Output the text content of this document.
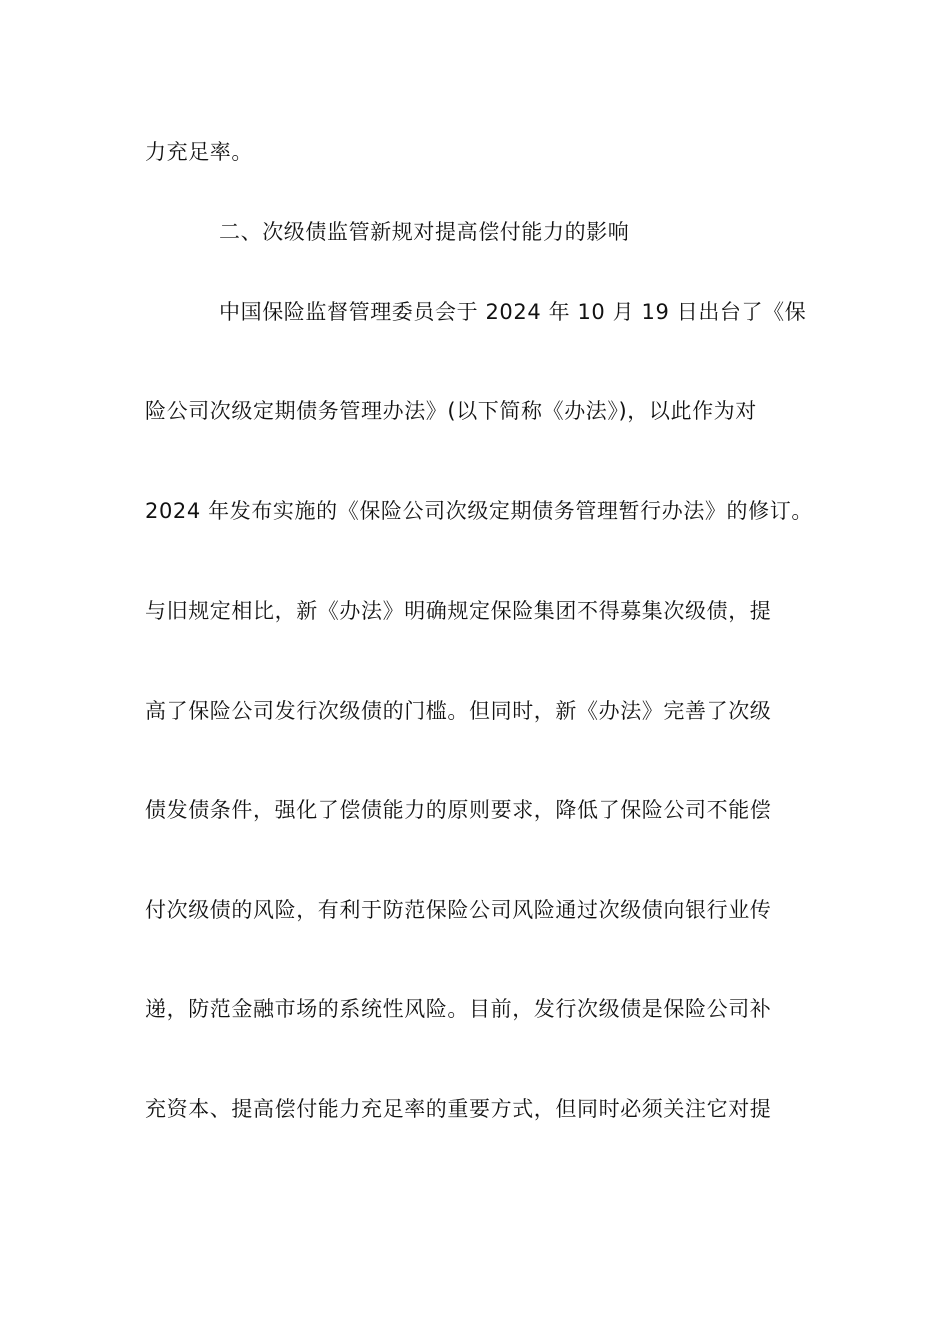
力充足率。
二、次级债监管新规对提高偿付能力的影响
中国保险监督管理委员会于 2024 年 10 月 19 日出台了《保
险公司次级定期债务管理办法》(以下简称《办法》)，以此作为对
2024 年发布实施的《保险公司次级定期债务管理暂行办法》的修订。
与旧规定相比，新《办法》明确规定保险集团不得募集次级债，提
高了保险公司发行次级债的门槛。但同时，新《办法》完善了次级
债发债条件，强化了偿债能力的原则要求，降低了保险公司不能偿
付次级债的风险，有利于防范保险公司风险通过次级债向银行业传
递，防范金融市场的系统性风险。目前，发行次级债是保险公司补
充资本、提高偿付能力充足率的重要方式，但同时必须关注它对提
